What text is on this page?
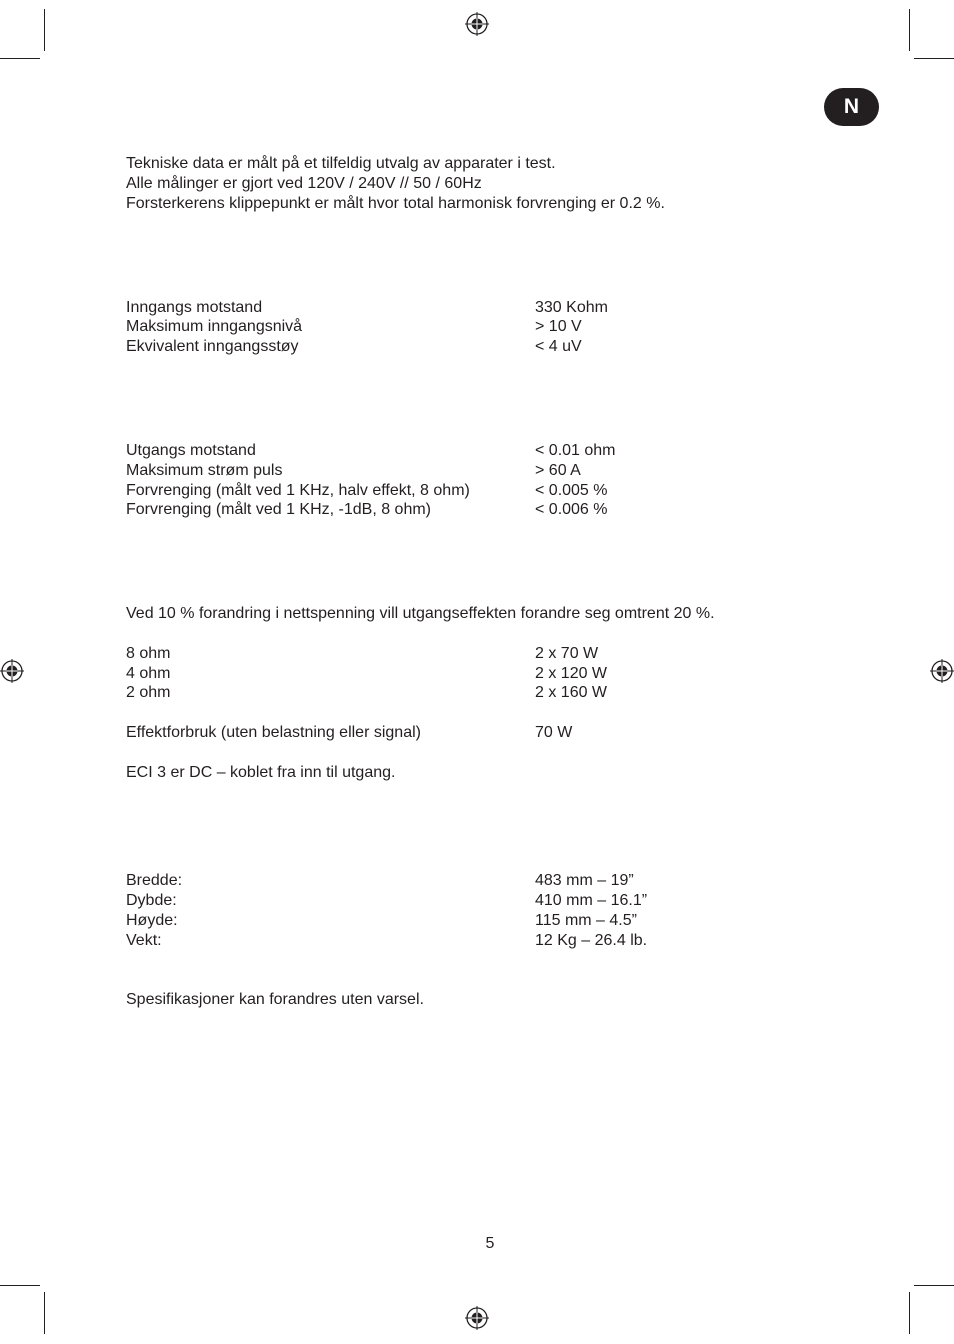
N
Tekniske data er målt på et tilfeldig utvalg av apparater i test.
Alle målinger er gjort ved 120V / 240V // 50 / 60Hz
Forsterkerens klippepunkt er målt hvor total harmonisk forvrenging er 0.2 %.
Inngangs motstand	330 Kohm
Maksimum inngangsnivå	> 10 V
Ekvivalent inngangsstøy	< 4 uV
Utgangs motstand	< 0.01 ohm
Maksimum strøm puls	> 60 A
Forvrenging (målt ved 1 KHz, halv effekt, 8 ohm)	< 0.005 %
Forvrenging (målt ved 1 KHz, -1dB, 8 ohm)	< 0.006 %
Ved 10 % forandring i nettspenning vill utgangseffekten forandre seg omtrent 20 %.
8 ohm	2 x 70 W
4 ohm	2 x 120 W
2 ohm	2 x 160 W
Effektforbruk (uten belastning eller signal)	70 W
ECI 3 er DC – koblet fra inn til utgang.
Bredde:	483 mm – 19”
Dybde:	410 mm – 16.1”
Høyde:	115 mm – 4.5”
Vekt:	12 Kg – 26.4 lb.
Spesifikasjoner kan forandres uten varsel.
5
